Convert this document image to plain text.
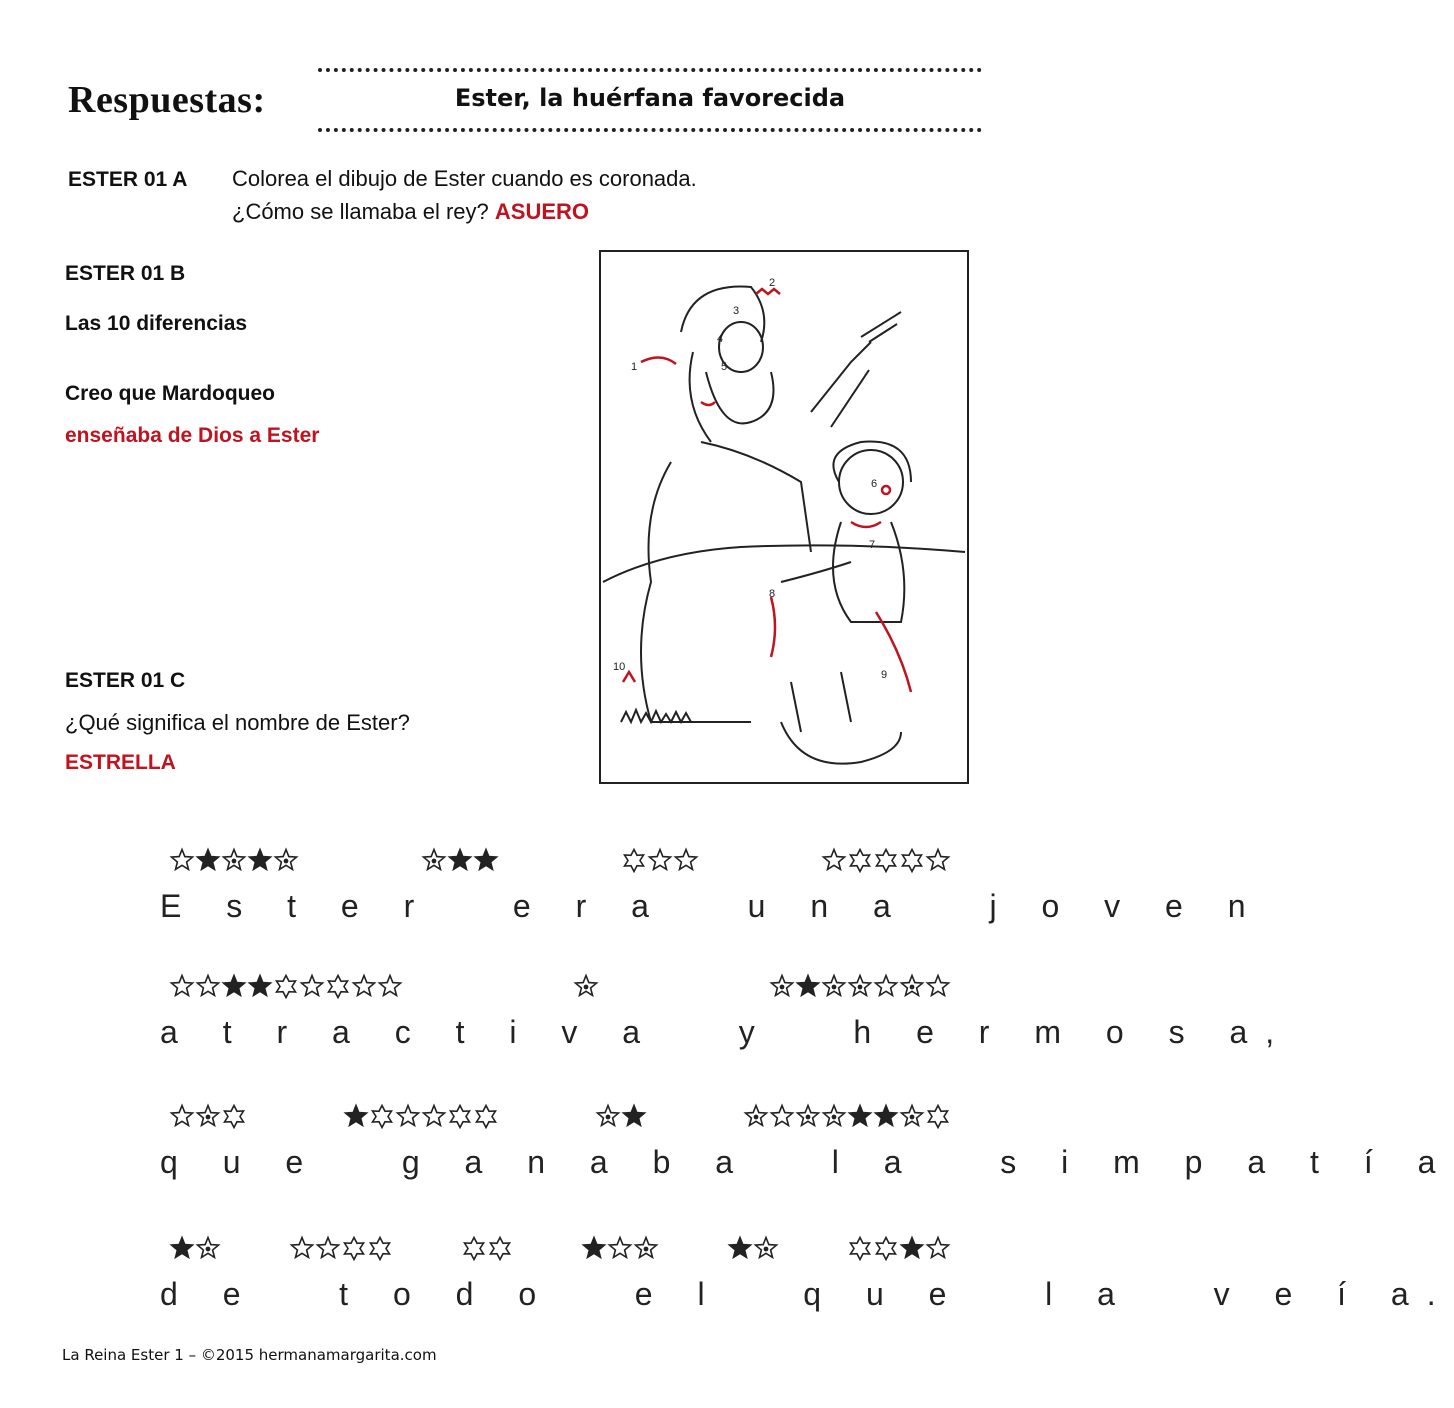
Respuestas:	Ester, la huérfana favorecida
ESTER 01 A Colorea el dibujo de Ester cuando es coronada.
¿Cómo se llamaba el rey? ASUERO
ESTER 01 B
Las 10 diferencias
Creo que Mardoqueo
enseñaba de Dios a Ester
1
2
3
4
5
6
7
8
9
10
ESTER 01 C
¿Qué significa el nombre de Ester?
ESTRELLA
E s t e r   e r a   u n a   j o v e n
a t r a c t i v a   y   h e r m o s a,
q u e   g a n a b a   l a   s i m p a t í a
d e   t o d o   e l   q u e   l a   v e í a.
La Reina Ester 1 – ©2015 hermanamargarita.com
